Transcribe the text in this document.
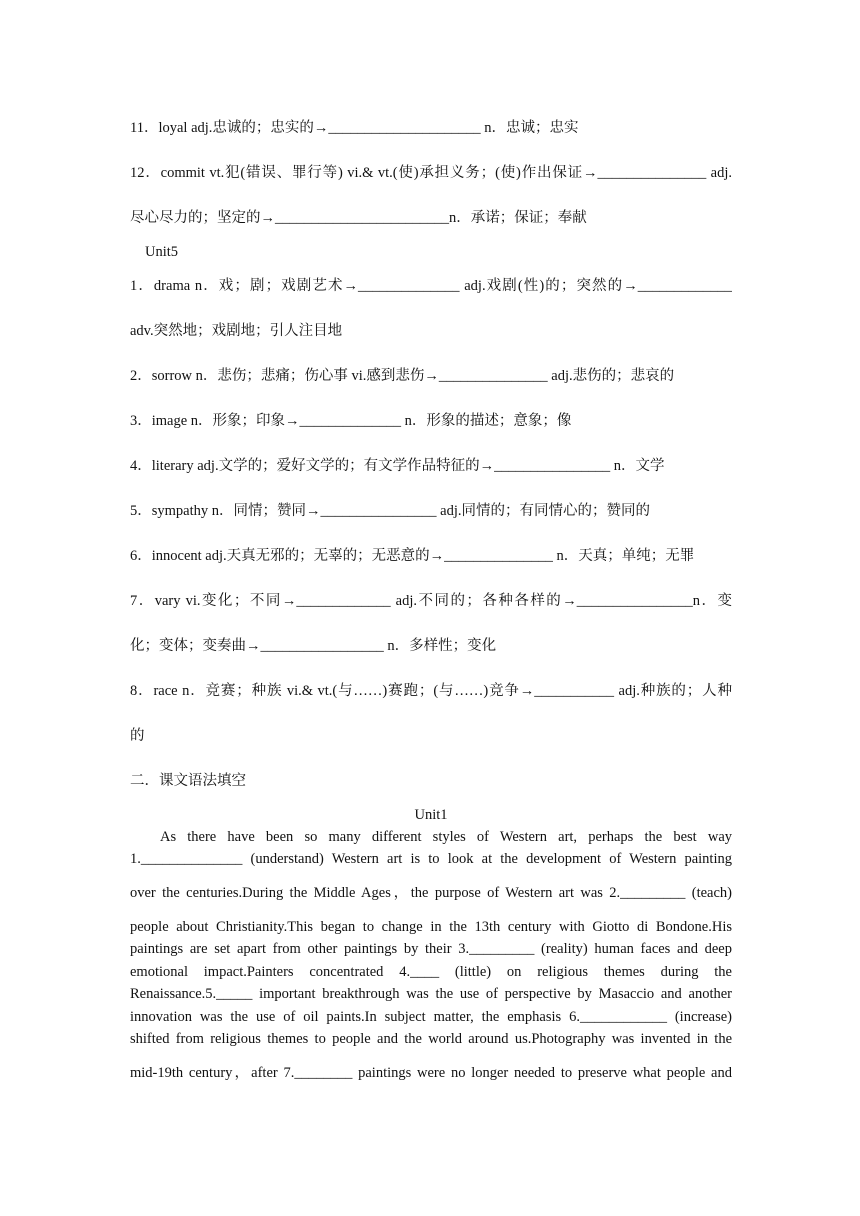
11．loyal adj.忠诚的；忠实的→_____________________ n．忠诚；忠实
12．commit vt.犯(错误、罪行等) vi.& vt.(使)承担义务；(使)作出保证→_______________ adj.
尽心尽力的；坚定的→________________________n．承诺；保证；奉献
Unit5
1．drama n．戏；剧；戏剧艺术→______________ adj.戏剧(性)的；突然的→_____________
adv.突然地；戏剧地；引人注目地
2．sorrow n．悲伤；悲痛；伤心事 vi.感到悲伤→_______________ adj.悲伤的；悲哀的
3．image n．形象；印象→______________ n．形象的描述；意象；像
4．literary adj.文学的；爱好文学的；有文学作品特征的→________________ n．文学
5．sympathy n．同情；赞同→________________ adj.同情的；有同情心的；赞同的
6．innocent adj.天真无邪的；无辜的；无恶意的→_______________ n．天真；单纯；无罪
7．vary vi.变化；不同→_____________ adj.不同的；各种各样的→________________n．变
化；变体；变奏曲→_________________ n．多样性；变化
8．race n．竞赛；种族 vi.& vt.(与……)赛跑；(与……)竞争→___________ adj.种族的；人种
的
二．课文语法填空
Unit1
As there have been so many different styles of Western art, perhaps the best way
1.______________ (understand) Western art is to look at the development of Western painting
over the centuries.During the Middle Ages，the purpose of Western art was 2._________ (teach)
people about Christianity.This began to change in the 13th century with Giotto di Bondone.His
paintings are set apart from other paintings by their 3._________ (reality) human faces and deep
emotional impact.Painters concentrated 4.____ (little) on religious themes during the
Renaissance.5._____ important breakthrough was the use of perspective by Masaccio and another
innovation was the use of oil paints.In subject matter, the emphasis 6.____________ (increase)
shifted from religious themes to people and the world around us.Photography was invented in the
mid-19th century，after 7.________ paintings were no longer needed to preserve what people and
